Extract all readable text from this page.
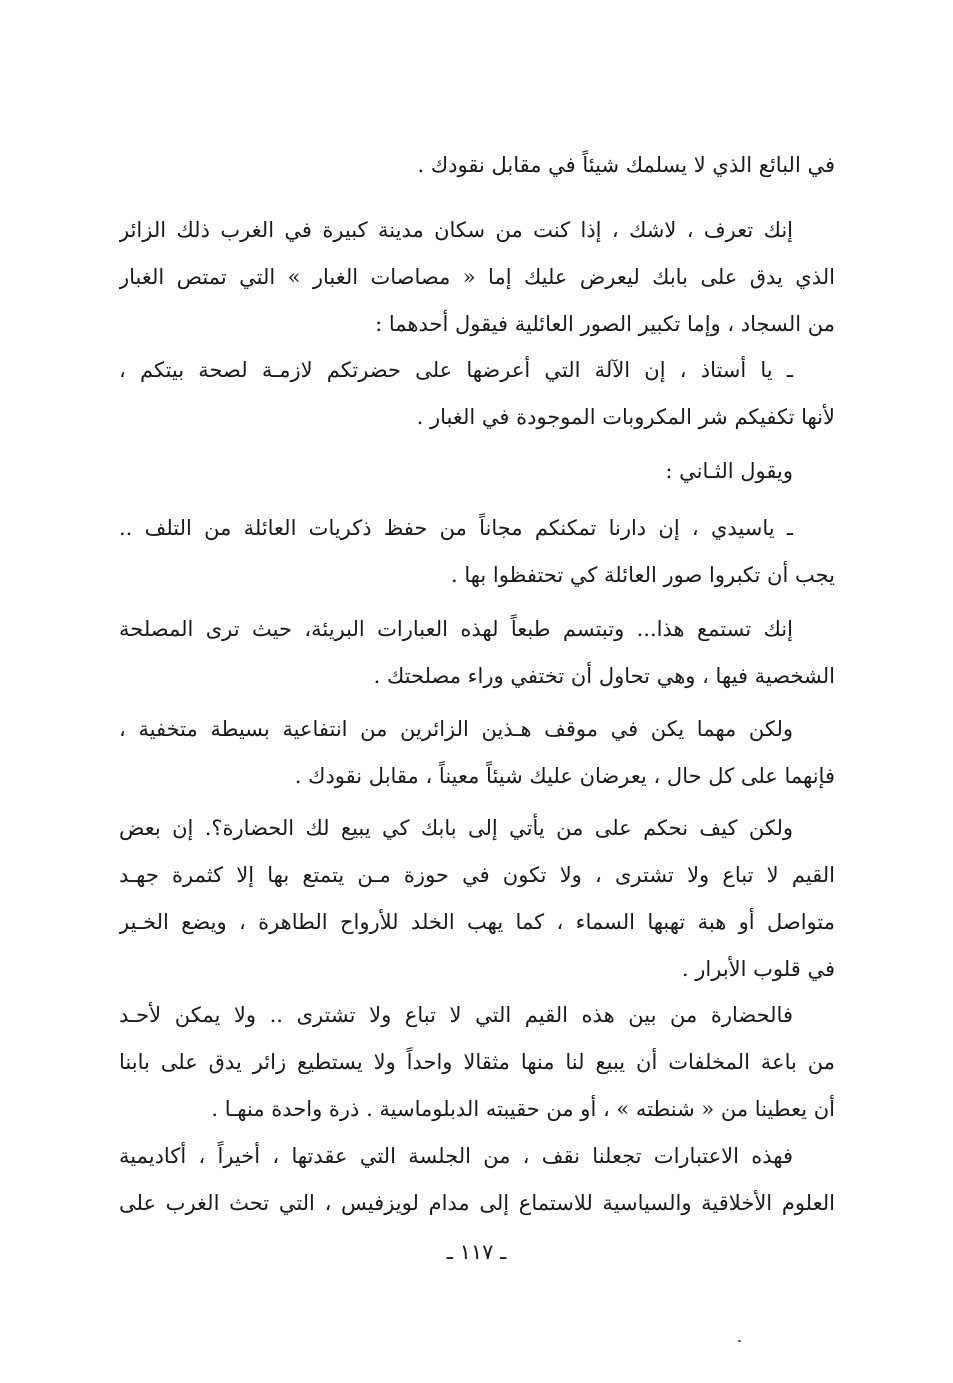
في البائع الذي لا يسلمك شيئاً في مقابل نقودك .
إنك تعرف ، لاشك ، إذا كنت من سكان مدينة كبيرة في الغرب ذلك الزائر
الذي يدق على بابك ليعرض عليك إما « مصاصات الغبار » التي تمتص الغبار
من السجاد ، وإما تكبير الصور العائلية فيقول أحدهما :
ـ يا أستاذ ، إن الآلة التي أعرضها على حضرتكم لازمـة لصحة بيتكم ،
لأنها تكفيكم شر المكروبات الموجودة في الغبار .
ويقول الثـاني :
ـ ياسيدي ، إن دارنا تمكنكم مجاناً من حفظ ذكريات العائلة من التلف ..
يجب أن تكبروا صور العائلة كي تحتفظوا بها .
إنك تستمع هذا... وتبتسم طبعاً لهذه العبارات البريئة، حيث ترى المصلحة
الشخصية فيها ، وهي تحاول أن تختفي وراء مصلحتك .
ولكن مهما يكن في موقف هـذين الزائرين من انتفاعية بسيطة متخفية ،
فإنهما على كل حال ، يعرضان عليك شيئاً معيناً ، مقابل نقودك .
ولكن كيف نحكم على من يأتي إلى بابك كي يبيع لك الحضارة؟. إن بعض
القيم لا تباع ولا تشترى ، ولا تكون في حوزة مـن يتمتع بها إلا كثمرة جهـد
متواصل أو هبة تهبها السماء ، كما يهب الخلد للأرواح الطاهرة ، ويضع الخـير
في قلوب الأبرار .
فالحضارة من بين هذه القيم التي لا تباع ولا تشترى .. ولا يمكن لأحـد
من باعة المخلفات أن يبيع لنا منها مثقالا واحداً ولا يستطيع زائر يدق على بابنا
أن يعطينا من « شنطته » ، أو من حقيبته الدبلوماسية . ذرة واحدة منهـا .
فهذه الاعتبارات تجعلنا نقف ، من الجلسة التي عقدتها ، أخيراً ، أكاديمية
العلوم الأخلاقية والسياسية للاستماع إلى مدام لويزفيس ، التي تحث الغرب على
ـ ١١٧ ـ
